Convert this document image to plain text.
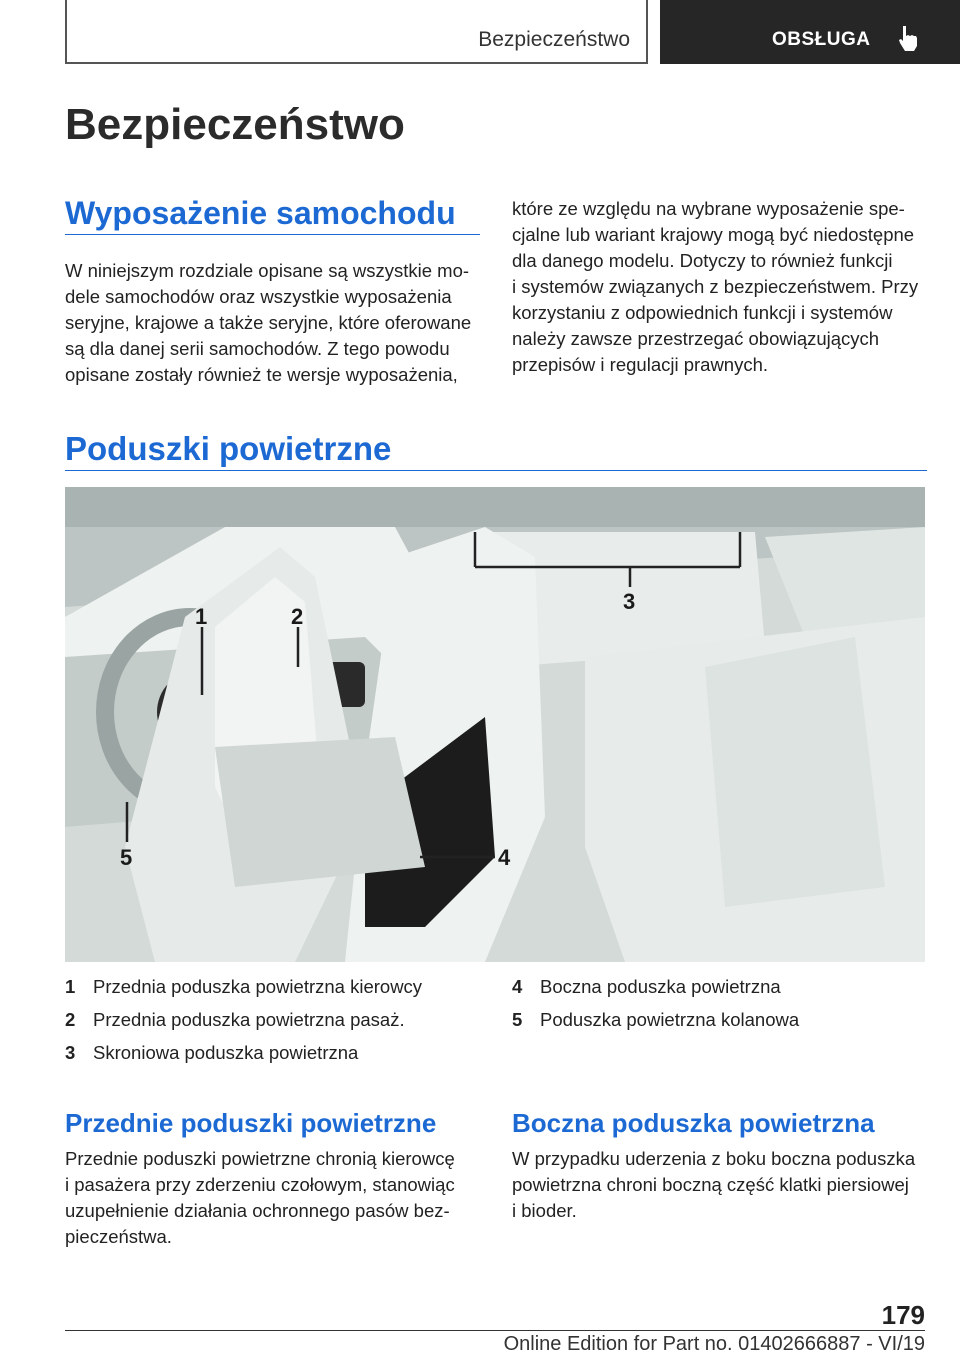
Bezpieczeństwo	OBSŁUGA
Bezpieczeństwo
Wyposażenie samochodu
W niniejszym rozdziale opisane są wszystkie mo‐
dele samochodów oraz wszystkie wyposażenia
seryjne, krajowe a także seryjne, które oferowane
są dla danej serii samochodów. Z tego powodu
opisane zostały również te wersje wyposażenia,
które ze względu na wybrane wyposażenie spe‐
cjalne lub wariant krajowy mogą być niedostępne
dla danego modelu. Dotyczy to również funkcji
i systemów związanych z bezpieczeństwem. Przy
korzystaniu z odpowiednich funkcji i systemów
należy zawsze przestrzegać obowiązujących
przepisów i regulacji prawnych.
Poduszki powietrzne
1	2
3
4
5
1 Przednia poduszka powietrzna kierowcy
2 Przednia poduszka powietrzna pasaż.
3 Skroniowa poduszka powietrzna
4 Boczna poduszka powietrzna
5 Poduszka powietrzna kolanowa
Przednie poduszki powietrzne
Przednie poduszki powietrzne chronią kierowcę
i pasażera przy zderzeniu czołowym, stanowiąc
uzupełnienie działania ochronnego pasów bez‐
pieczeństwa.
Boczna poduszka powietrzna
W przypadku uderzenia z boku boczna poduszka
powietrzna chroni boczną część klatki piersiowej
i bioder.
179
Online Edition for Part no. 01402666887 - VI/19
